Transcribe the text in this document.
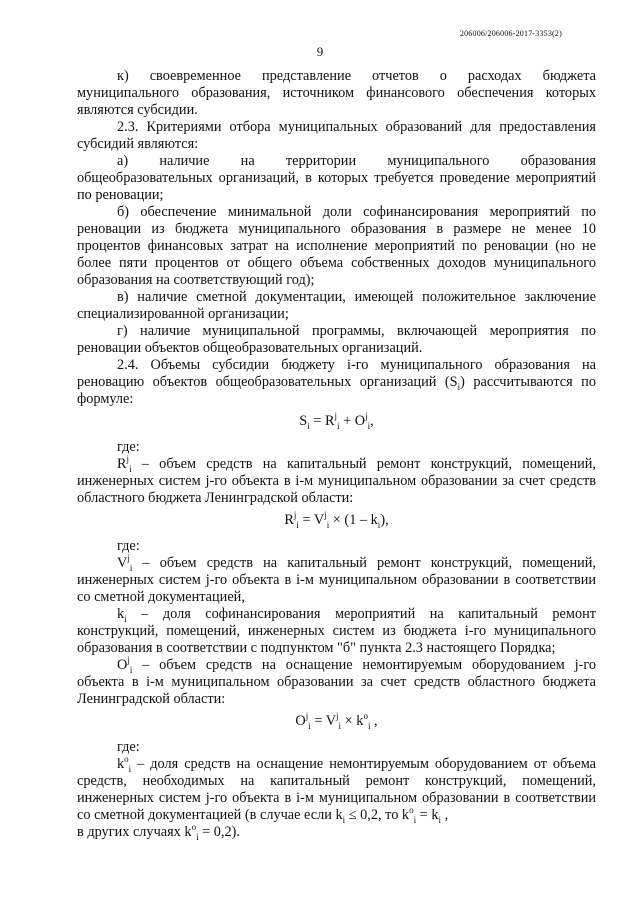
206006/206006-2017-3353(2)
9

к) своевременное представление отчетов о расходах бюджета муниципального образования, источником финансового обеспечения которых являются субсидии.

2.3. Критериями отбора муниципальных образований для предоставления субсидий являются:

а) наличие на территории муниципального образования общеобразовательных организаций, в которых требуется проведение мероприятий по реновации;

б) обеспечение минимальной доли софинансирования мероприятий по реновации из бюджета муниципального образования в размере не менее 10 процентов финансовых затрат на исполнение мероприятий по реновации (но не более пяти процентов от общего объема собственных доходов муниципального образования на соответствующий год);

в) наличие сметной документации, имеющей положительное заключение специализированной организации;

г) наличие муниципальной программы, включающей мероприятия по реновации объектов общеобразовательных организаций.

2.4. Объемы субсидии бюджету i-го муниципального образования на реновацию объектов общеобразовательных организаций $(S_i)$ рассчитываются по формуле:

$S_i = R^j_i + O^j_i$,

где:

$R^j_i$ – объем средств на капитальный ремонт конструкций, помещений, инженерных систем j-го объекта в i-м муниципальном образовании за счет средств областного бюджета Ленинградской области:

$R^j_i = V^j_i \times (1 - k_i)$,

где:

$V^j_i$ – объем средств на капитальный ремонт конструкций, помещений, инженерных систем j-го объекта в i-м муниципальном образовании в соответствии со сметной документацией,

$k_i$ – доля софинансирования мероприятий на капитальный ремонт конструкций, помещений, инженерных систем из бюджета i-го муниципального образования в соответствии с подпунктом "б" пункта 2.3 настоящего Порядка;

$O^j_i$ – объем средств на оснащение немонтируемым оборудованием j-го объекта в i-м муниципальном образовании за счет средств областного бюджета Ленинградской области:

$O^j_i = V^j_i \times k^o_i$ ,

где:

$k^o_i$ – доля средств на оснащение немонтируемым оборудованием от объема средств, необходимых на капитальный ремонт конструкций, помещений, инженерных систем j-го объекта в i-м муниципальном образовании в соответствии со сметной документацией (в случае если $k_i \le 0,2$, то $k^o_i = k_i$ ,

в других случаях $k^o_i = 0,2$).
